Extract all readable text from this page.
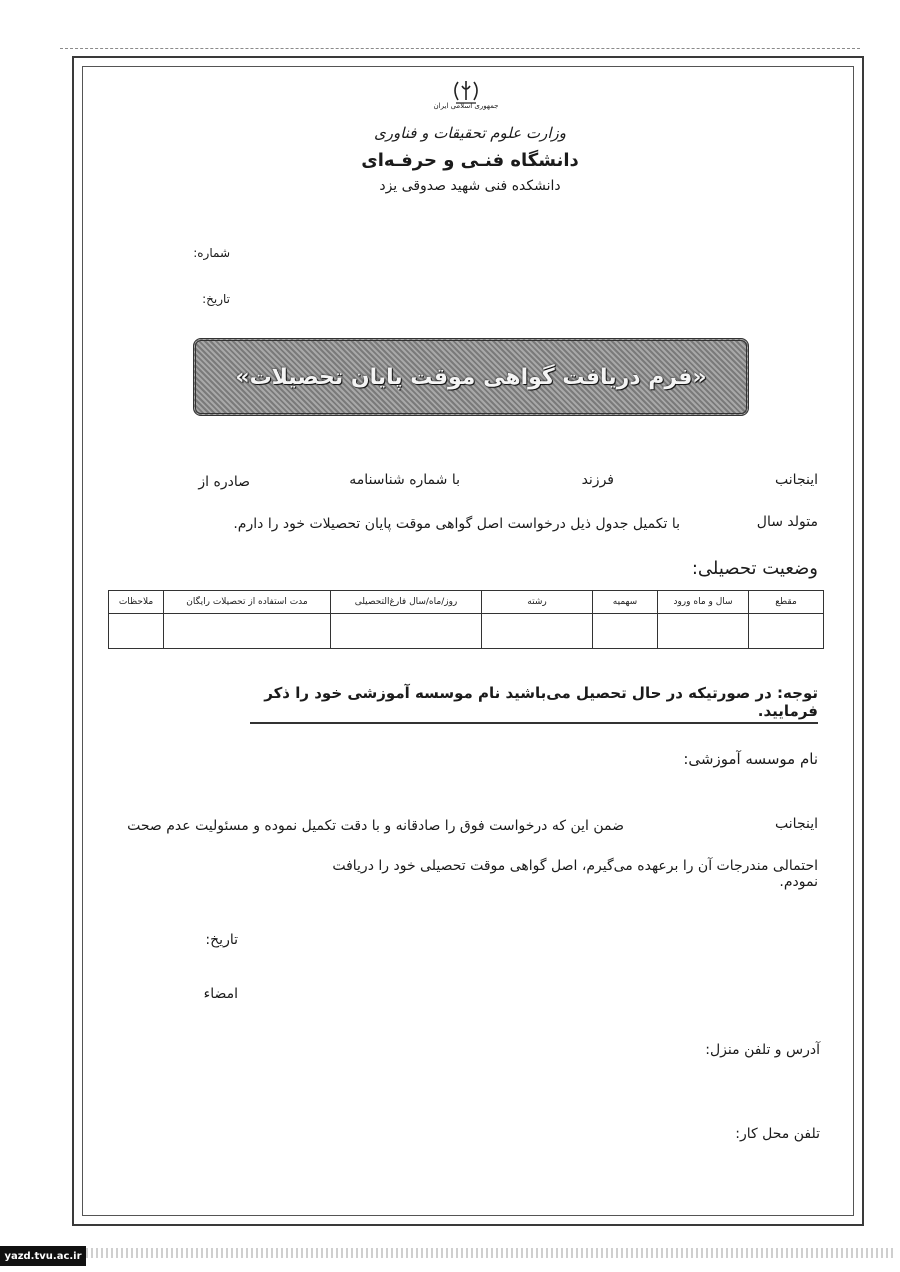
جمهوری اسلامی ایران
وزارت علوم تحقیقات و فناوری
دانشگاه فنـی و حرفـه‌ای
دانشکده فنی شهید صدوقی یزد
شماره:
تاریخ:
«فرم دریافت گواهی موقت پایان تحصیلات»
اینجانب
فرزند
با شماره شناسنامه
صادره از
متولد سال
با تکمیل جدول ذیل درخواست اصل گواهی موقت پایان تحصیلات خود را دارم.
وضعیت تحصیلی:
مقطع	سال و ماه ورود	سهمیه	رشته	روز/ماه/سال فارغ‌التحصیلی	مدت استفاده از تحصیلات رایگان	ملاحظات

توجه: در صورتیکه در حال تحصیل می‌باشید نام موسسه آموزشی خود را ذکر فرمایید.
نام موسسه آموزشی:
اینجانب
ضمن این که درخواست فوق را صادقانه و با دقت تکمیل نموده و مسئولیت عدم صحت
احتمالی مندرجات آن را برعهده می‌گیرم، اصل گواهی موقت تحصیلی خود را دریافت نمودم.
تاریخ:
امضاء
آدرس و تلفن منزل:
تلفن محل کار:
yazd.tvu.ac.ir
